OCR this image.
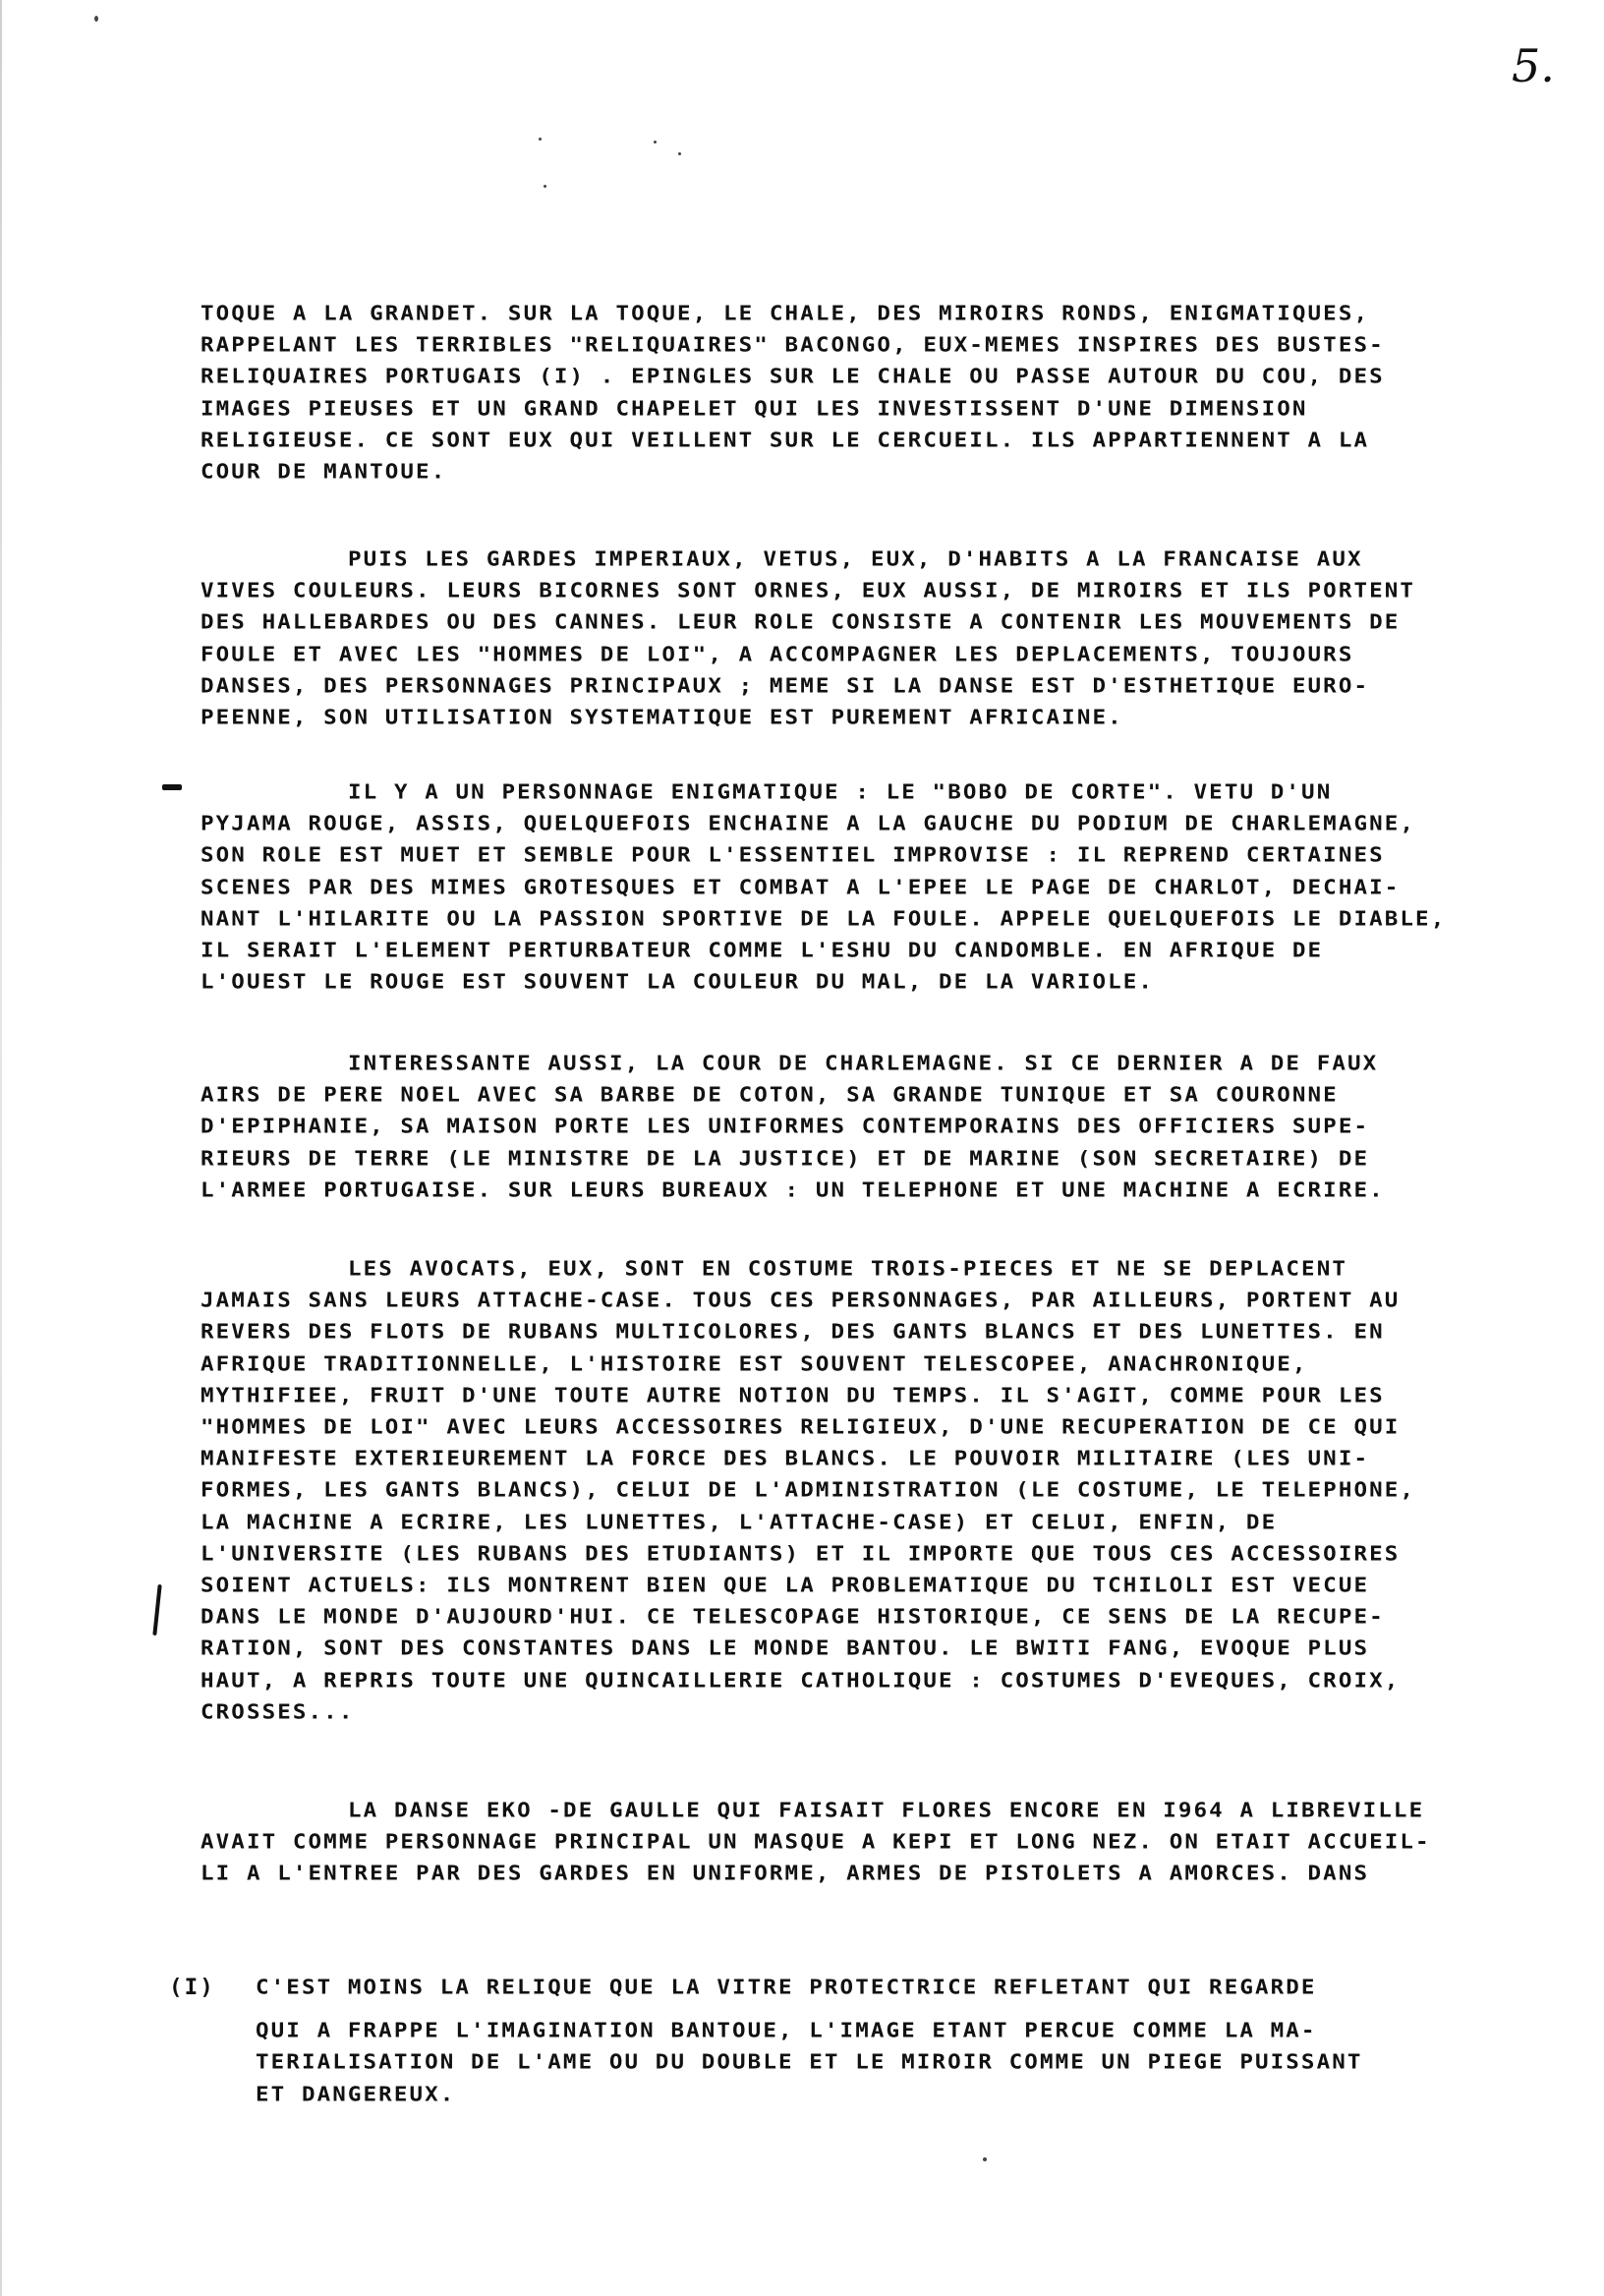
5.
TOQUE A LA GRANDET. SUR LA TOQUE, LE CHALE, DES MIROIRS RONDS, ENIGMATIQUES,
RAPPELANT LES TERRIBLES "RELIQUAIRES" BACONGO, EUX-MEMES INSPIRES DES BUSTES-
RELIQUAIRES PORTUGAIS (I) . EPINGLES SUR LE CHALE OU PASSE AUTOUR DU COU, DES
IMAGES PIEUSES ET UN GRAND CHAPELET QUI LES INVESTISSENT D'UNE DIMENSION
RELIGIEUSE. CE SONT EUX QUI VEILLENT SUR LE CERCUEIL. ILS APPARTIENNENT A LA
COUR DE MANTOUE.
PUIS LES GARDES IMPERIAUX, VETUS, EUX, D'HABITS A LA FRANCAISE AUX
VIVES COULEURS. LEURS BICORNES SONT ORNES, EUX AUSSI, DE MIROIRS ET ILS PORTENT
DES HALLEBARDES OU DES CANNES. LEUR ROLE CONSISTE A CONTENIR LES MOUVEMENTS DE
FOULE ET AVEC LES "HOMMES DE LOI", A ACCOMPAGNER LES DEPLACEMENTS, TOUJOURS
DANSES, DES PERSONNAGES PRINCIPAUX ; MEME SI LA DANSE EST D'ESTHETIQUE EURO-
PEENNE, SON UTILISATION SYSTEMATIQUE EST PUREMENT AFRICAINE.
IL Y A UN PERSONNAGE ENIGMATIQUE : LE "BOBO DE CORTE". VETU D'UN
PYJAMA ROUGE, ASSIS, QUELQUEFOIS ENCHAINE A LA GAUCHE DU PODIUM DE CHARLEMAGNE,
SON ROLE EST MUET ET SEMBLE POUR L'ESSENTIEL IMPROVISE : IL REPREND CERTAINES
SCENES PAR DES MIMES GROTESQUES ET COMBAT A L'EPEE LE PAGE DE CHARLOT, DECHAI-
NANT L'HILARITE OU LA PASSION SPORTIVE DE LA FOULE. APPELE QUELQUEFOIS LE DIABLE,
IL SERAIT L'ELEMENT PERTURBATEUR COMME L'ESHU DU CANDOMBLE. EN AFRIQUE DE
L'OUEST LE ROUGE EST SOUVENT LA COULEUR DU MAL, DE LA VARIOLE.
INTERESSANTE AUSSI, LA COUR DE CHARLEMAGNE. SI CE DERNIER A DE FAUX
AIRS DE PERE NOEL AVEC SA BARBE DE COTON, SA GRANDE TUNIQUE ET SA COURONNE
D'EPIPHANIE, SA MAISON PORTE LES UNIFORMES CONTEMPORAINS DES OFFICIERS SUPE-
RIEURS DE TERRE (LE MINISTRE DE LA JUSTICE) ET DE MARINE (SON SECRETAIRE) DE
L'ARMEE PORTUGAISE. SUR LEURS BUREAUX : UN TELEPHONE ET UNE MACHINE A ECRIRE.
LES AVOCATS, EUX, SONT EN COSTUME TROIS-PIECES ET NE SE DEPLACENT
JAMAIS SANS LEURS ATTACHE-CASE. TOUS CES PERSONNAGES, PAR AILLEURS, PORTENT AU
REVERS DES FLOTS DE RUBANS MULTICOLORES, DES GANTS BLANCS ET DES LUNETTES. EN
AFRIQUE TRADITIONNELLE, L'HISTOIRE EST SOUVENT TELESCOPEE, ANACHRONIQUE,
MYTHIFIEE, FRUIT D'UNE TOUTE AUTRE NOTION DU TEMPS. IL S'AGIT, COMME POUR LES
"HOMMES DE LOI" AVEC LEURS ACCESSOIRES RELIGIEUX, D'UNE RECUPERATION DE CE QUI
MANIFESTE EXTERIEUREMENT LA FORCE DES BLANCS. LE POUVOIR MILITAIRE (LES UNI-
FORMES, LES GANTS BLANCS), CELUI DE L'ADMINISTRATION (LE COSTUME, LE TELEPHONE,
LA MACHINE A ECRIRE, LES LUNETTES, L'ATTACHE-CASE) ET CELUI, ENFIN, DE
L'UNIVERSITE (LES RUBANS DES ETUDIANTS) ET IL IMPORTE QUE TOUS CES ACCESSOIRES
SOIENT ACTUELS: ILS MONTRENT BIEN QUE LA PROBLEMATIQUE DU TCHILOLI EST VECUE
DANS LE MONDE D'AUJOURD'HUI. CE TELESCOPAGE HISTORIQUE, CE SENS DE LA RECUPE-
RATION, SONT DES CONSTANTES DANS LE MONDE BANTOU. LE BWITI FANG, EVOQUE PLUS
HAUT, A REPRIS TOUTE UNE QUINCAILLERIE CATHOLIQUE : COSTUMES D'EVEQUES, CROIX,
CROSSES...
LA DANSE EKO -DE GAULLE QUI FAISAIT FLORES ENCORE EN I964 A LIBREVILLE
AVAIT COMME PERSONNAGE PRINCIPAL UN MASQUE A KEPI ET LONG NEZ. ON ETAIT ACCUEIL-
LI A L'ENTREE PAR DES GARDES EN UNIFORME, ARMES DE PISTOLETS A AMORCES. DANS
(I) C'EST MOINS LA RELIQUE QUE LA VITRE PROTECTRICE REFLETANT QUI REGARDE
QUI A FRAPPE L'IMAGINATION BANTOUE, L'IMAGE ETANT PERCUE COMME LA MA-
TERIALISATION DE L'AME OU DU DOUBLE ET LE MIROIR COMME UN PIEGE PUISSANT
ET DANGEREUX.
